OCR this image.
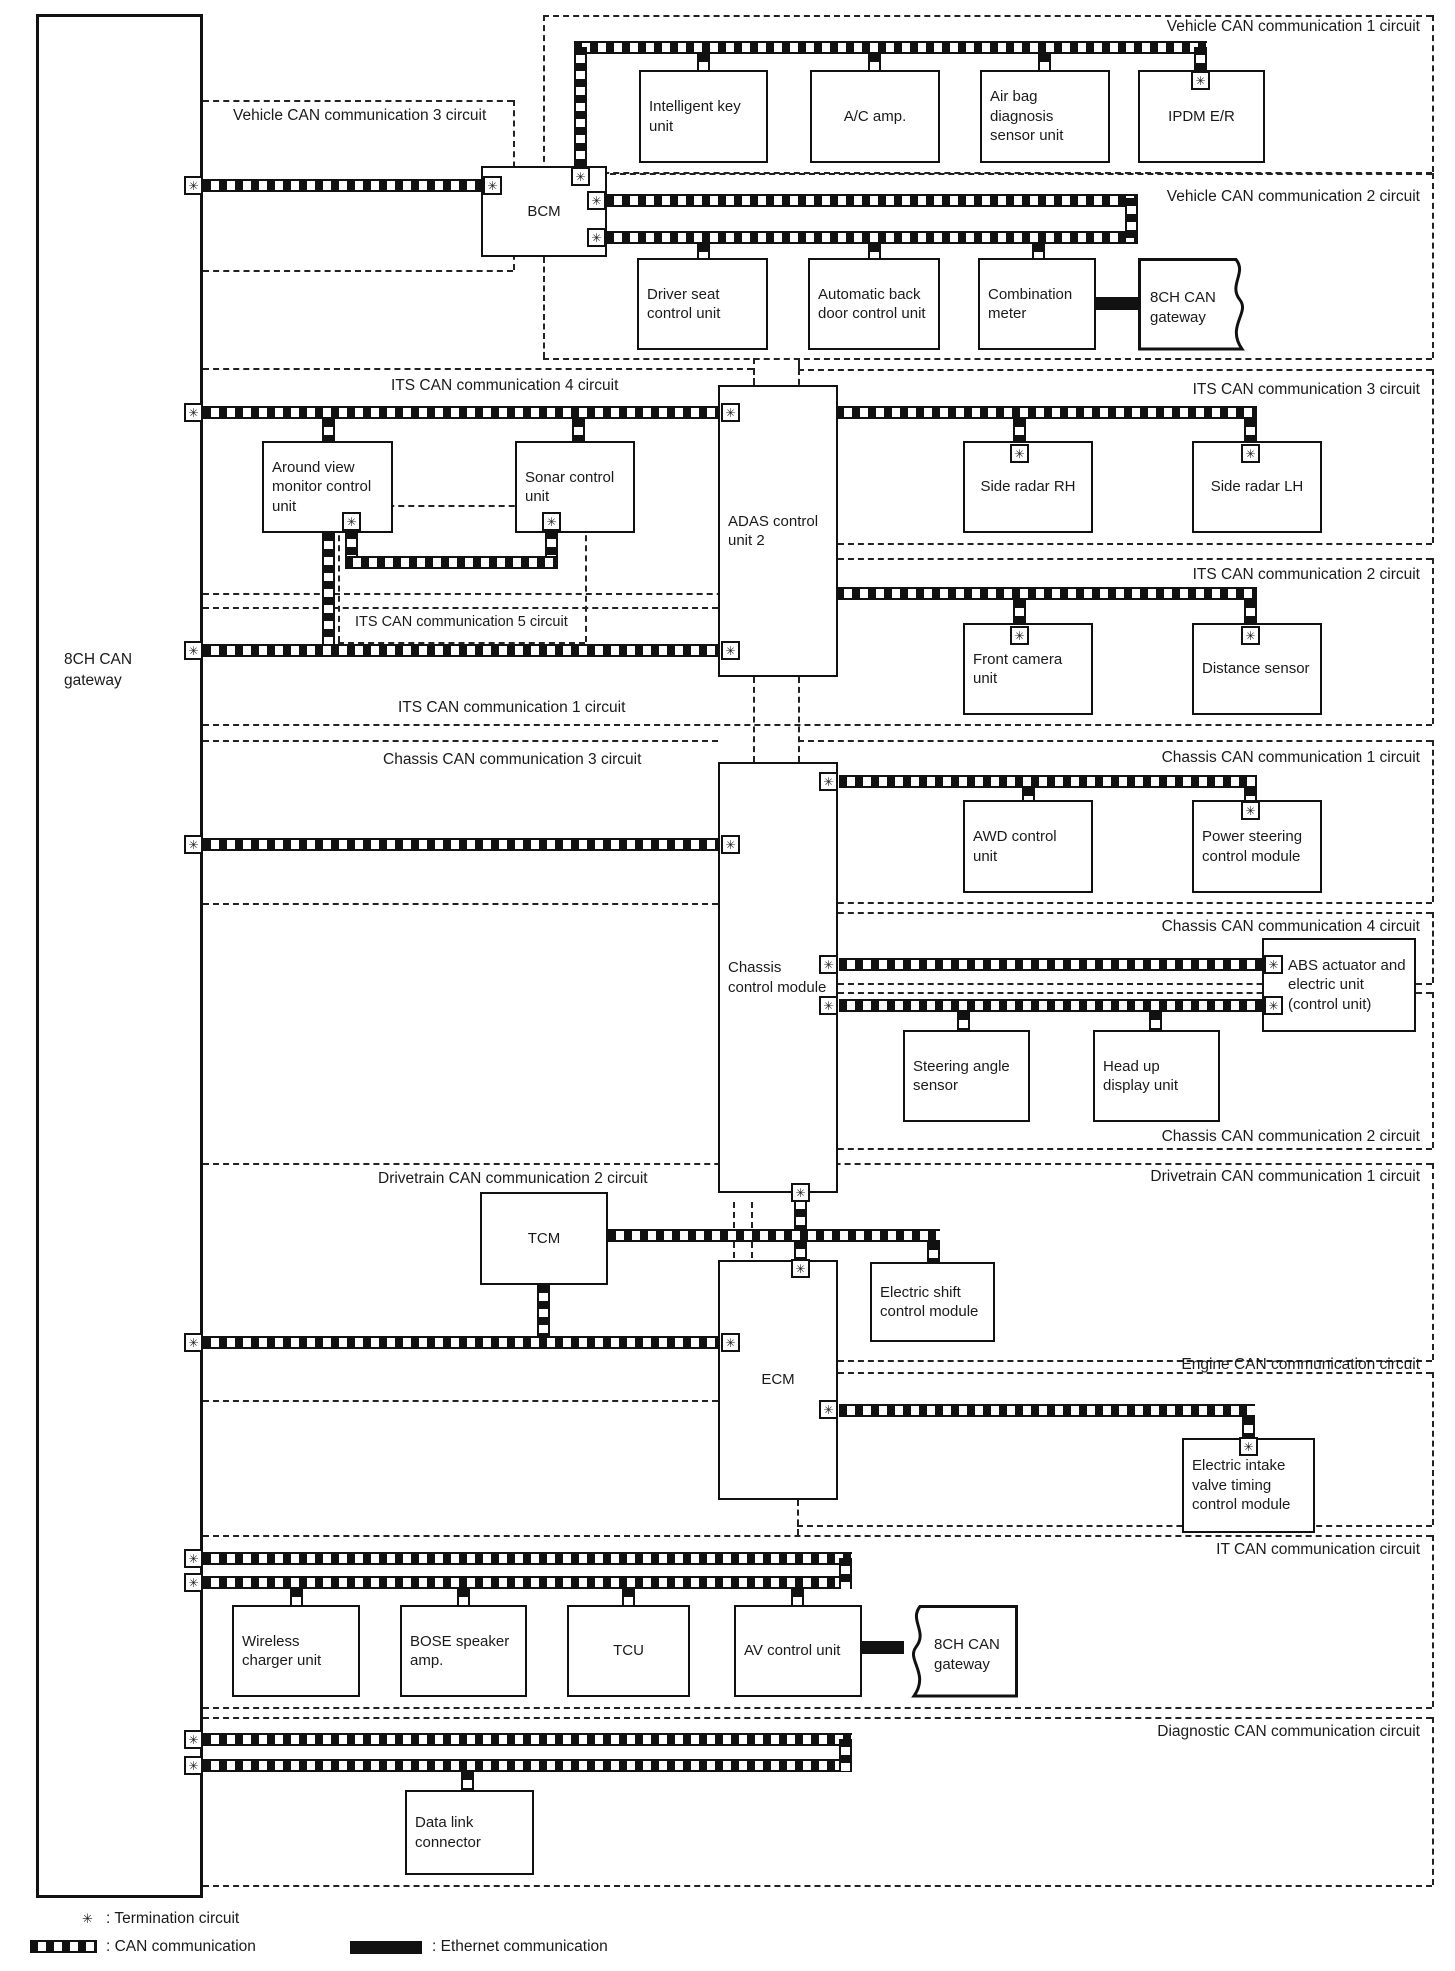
8CH CAN gateway
BCM
Intelligent key unit
A/C amp.
Air bag diagnosis sensor unit
IPDM E/R
Driver seat control unit
Automatic back door control unit
Combination meter
8CH CAN gateway
ADAS control unit 2
Around view monitor control unit
Sonar control unit
Side radar RH	Side radar LH
Front camera unit
Distance sensor
AWD control unit
Power steering control module
Chassis control module
ABS actuator and electric unit (control unit)
Steering angle sensor
Head up display unit
TCM
Electric shift control module
ECM
Electric intake valve timing control module
Wireless charger unit
BOSE speaker amp.
TCU	AV control unit	8CH CAN gateway
Data link connector
✳
✳
✳
✳
✳
✳
✳
✳
✳
✳
✳
✳
✳
✳
✳
✳
✳	✳
✳	✳
✳	✳
✳
✳
✳
✳
✳
✳
✳
✳
✳
✳
✳
✳
Vehicle CAN communication 1 circuit
Vehicle CAN communication 2 circuit
Vehicle CAN communication 3 circuit
ITS CAN communication 4 circuit	ITS CAN communication 3 circuit
ITS CAN communication 5 circuit
ITS CAN communication 2 circuit
ITS CAN communication 1 circuit
Chassis CAN communication 3 circuit	Chassis CAN communication 1 circuit
Chassis CAN communication 4 circuit
Chassis CAN communication 2 circuit
Drivetrain CAN communication 2 circuit	Drivetrain CAN communication 1 circuit
Engine CAN communication circuit
IT CAN communication circuit
Diagnostic CAN communication circuit
✳ : Termination circuit
: CAN communication	: Ethernet communication
